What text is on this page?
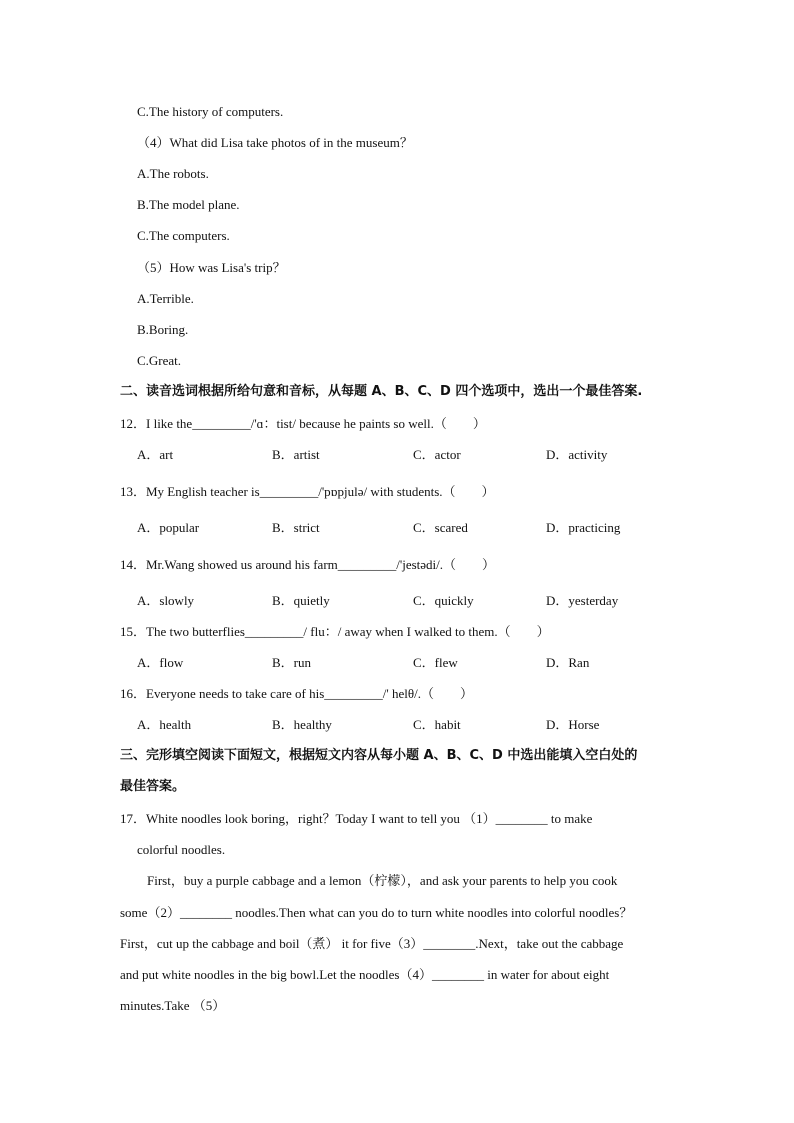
C.The history of computers.
（4）What did Lisa take photos of in the museum？
A.The robots.
B.The model plane.
C.The computers.
（5）How was Lisa's trip？
A.Terrible.
B.Boring.
C.Great.
二、读音选词根据所给句意和音标，从每题 A、B、C、D 四个选项中，选出一个最佳答案.
12．I like the_________/'ɑ：tist/ because he paints so well.（　　）
A．art	B．artist	C．actor	D．activity
13．My English teacher is_________/'pɒpjulə/ with students.（　　）
A．popular	B．strict	C．scared	D．practicing
14．Mr.Wang showed us around his farm_________/'jestədi/.（　　）
A．slowly	B．quietly	C．quickly	D．yesterday
15．The two butterflies_________/ flu：/ away when I walked to them.（　　）
A．flow	B．run	C．flew	D．Ran
16．Everyone needs to take care of his_________/' helθ/.（　　）
A．health	B．healthy	C．habit	D．Horse
三、完形填空阅读下面短文，根据短文内容从每小题 A、B、C、D 中选出能填入空白处的
最佳答案。
17．White noodles look boring，right？Today I want to tell you （1）________ to make
colorful noodles.
First，buy a purple cabbage and a lemon（柠檬），and ask your parents to help you cook
some（2）________ noodles.Then what can you do to turn white noodles into colorful noodles？
First，cut up the cabbage and boil（煮） it for five（3）________.Next，take out the cabbage
and put white noodles in the big bowl.Let the noodles（4）________ in water for about eight
minutes.Take （5）
